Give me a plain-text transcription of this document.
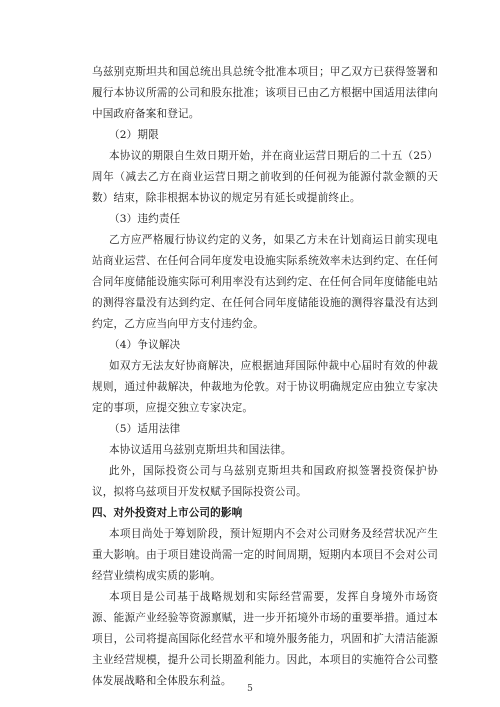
乌兹别克斯坦共和国总统出具总统令批准本项目；甲乙双方已获得签署和履行本协议所需的公司和股东批准；该项目已由乙方根据中国适用法律向中国政府备案和登记。

（2）期限

本协议的期限自生效日期开始，并在商业运营日期后的二十五（25）周年（减去乙方在商业运营日期之前收到的任何视为能源付款金额的天数）结束，除非根据本协议的规定另有延长或提前终止。

（3）违约责任

乙方应严格履行协议约定的义务，如果乙方未在计划商运日前实现电站商业运营、在任何合同年度发电设施实际系统效率未达到约定、在任何合同年度储能设施实际可利用率没有达到约定、在任何合同年度储能电站的测得容量没有达到约定、在任何合同年度储能设施的测得容量没有达到约定，乙方应当向甲方支付违约金。

（4）争议解决

如双方无法友好协商解决，应根据迪拜国际仲裁中心届时有效的仲裁规则，通过仲裁解决，仲裁地为伦敦。对于协议明确规定应由独立专家决定的事项，应提交独立专家决定。

（5）适用法律

本协议适用乌兹别克斯坦共和国法律。

此外，国际投资公司与乌兹别克斯坦共和国政府拟签署投资保护协议，拟将乌兹项目开发权赋予国际投资公司。

四、对外投资对上市公司的影响

本项目尚处于筹划阶段，预计短期内不会对公司财务及经营状况产生重大影响。由于项目建设尚需一定的时间周期，短期内本项目不会对公司经营业绩构成实质的影响。

本项目是公司基于战略规划和实际经营需要，发挥自身境外市场资源、能源产业经验等资源禀赋，进一步开拓境外市场的重要举措。通过本项目，公司将提高国际化经营水平和境外服务能力，巩固和扩大清洁能源主业经营规模，提升公司长期盈利能力。因此，本项目的实施符合公司整体发展战略和全体股东利益。

5
